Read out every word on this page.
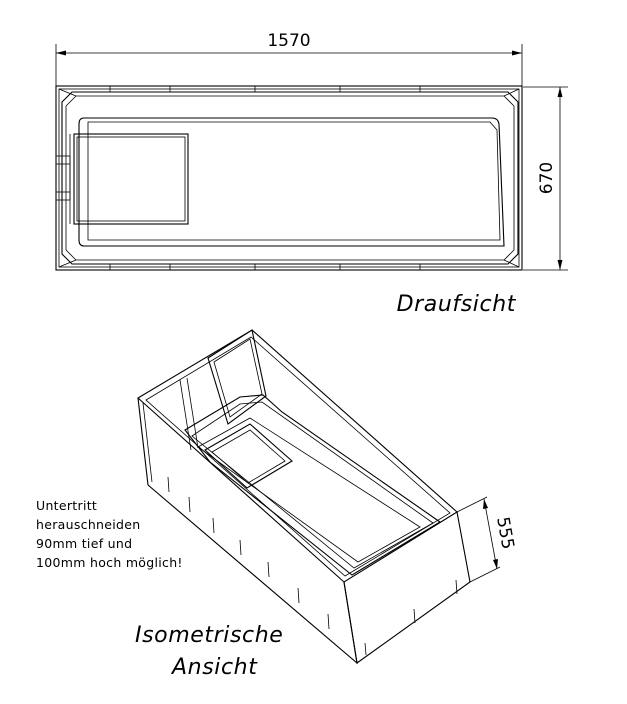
1570
670
Draufsicht
555
Untertritt herauschneiden 90mm tief und 100mm hoch möglich!
Isometrische
Ansicht
